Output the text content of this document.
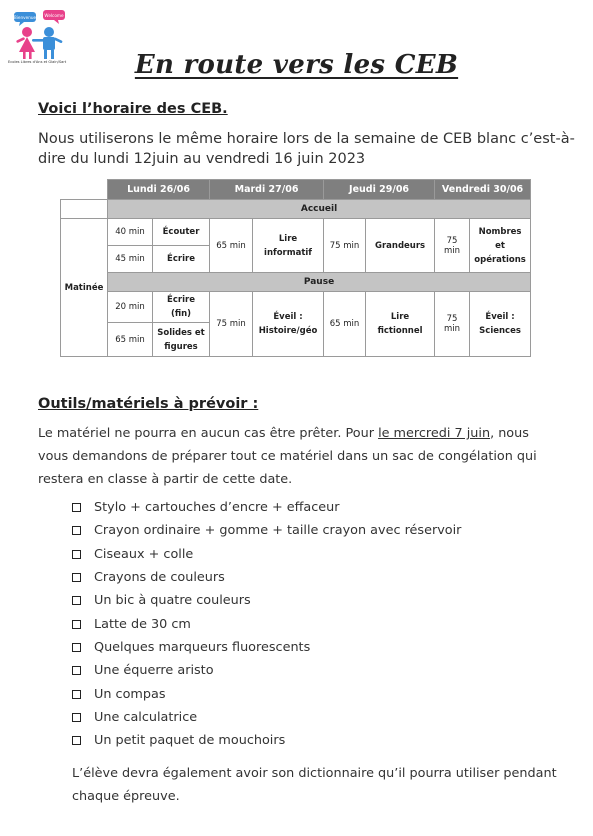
Bienvenue Welcome
Ecoles Libres d'Ans et Glain/Sart	En route vers les CEB
Voici l’horaire des CEB.
Nous utiliserons le même horaire lors de la semaine de CEB blanc c’est-à-dire du lundi 12juin au vendredi 16 juin 2023
	Lundi 26/06		Mardi 27/06		Jeudi 29/06		Vendredi 30/06	
	Accueil							
Matinée	40 min	Écouter	65 min	Lire informatif	75 min	Grandeurs	75 min	Nombres et opérations
	45 min	Écrire						
	Pause							
	20 min	Écrire (fin)	75 min	Éveil : Histoire/géo	65 min	Lire fictionnel	75 min	Éveil : Sciences
	65 min	Solides et figures						
Outils/matériels à prévoir :
Le matériel ne pourra en aucun cas être prêter. Pour le mercredi 7 juin, nous vous demandons de préparer tout ce matériel dans un sac de congélation qui restera en classe à partir de cette date.
Stylo + cartouches d’encre + effaceur
Crayon ordinaire + gomme + taille crayon avec réservoir
Ciseaux + colle
Crayons de couleurs
Un bic à quatre couleurs
Latte de 30 cm
Quelques marqueurs fluorescents
Une équerre aristo
Un compas
Une calculatrice
Un petit paquet de mouchoirs
L’élève devra également avoir son dictionnaire qu’il pourra utiliser pendant chaque épreuve.
